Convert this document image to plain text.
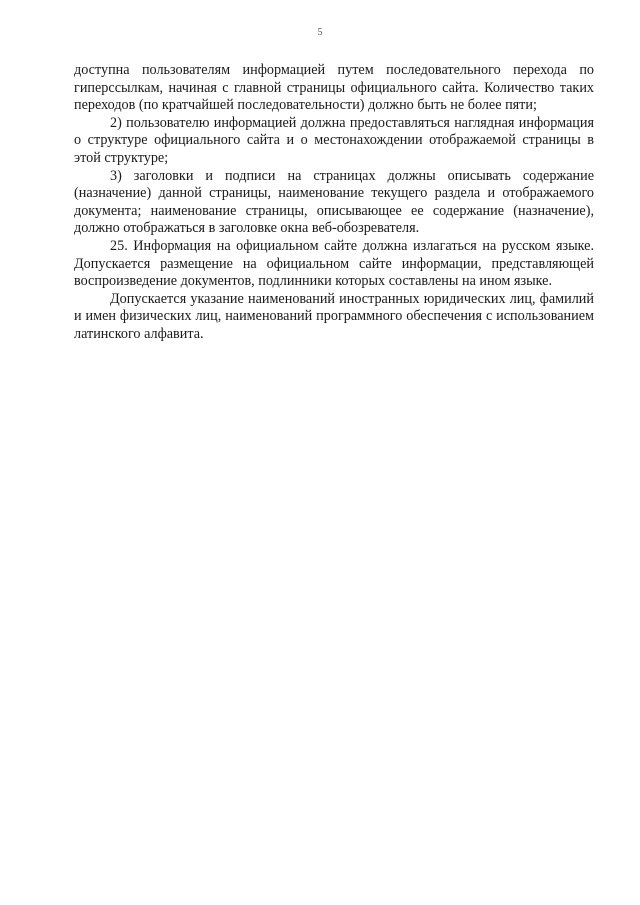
5

доступна пользователям информацией путем последовательного перехода по гиперссылкам, начиная с главной страницы официального сайта. Количество таких переходов (по кратчайшей последовательности) должно быть не более пяти;

2) пользователю информацией должна предоставляться наглядная информация о структуре официального сайта и о местонахождении отображаемой страницы в этой структуре;

3) заголовки и подписи на страницах должны описывать содержание (назначение) данной страницы, наименование текущего раздела и отображаемого документа; наименование страницы, описывающее ее содержание (назначение), должно отображаться в заголовке окна веб-обозревателя.

25. Информация на официальном сайте должна излагаться на русском языке. Допускается размещение на официальном сайте информации, представляющей воспроизведение документов, подлинники которых составлены на ином языке.

Допускается указание наименований иностранных юридических лиц, фамилий и имен физических лиц, наименований программного обеспечения с использованием латинского алфавита.
